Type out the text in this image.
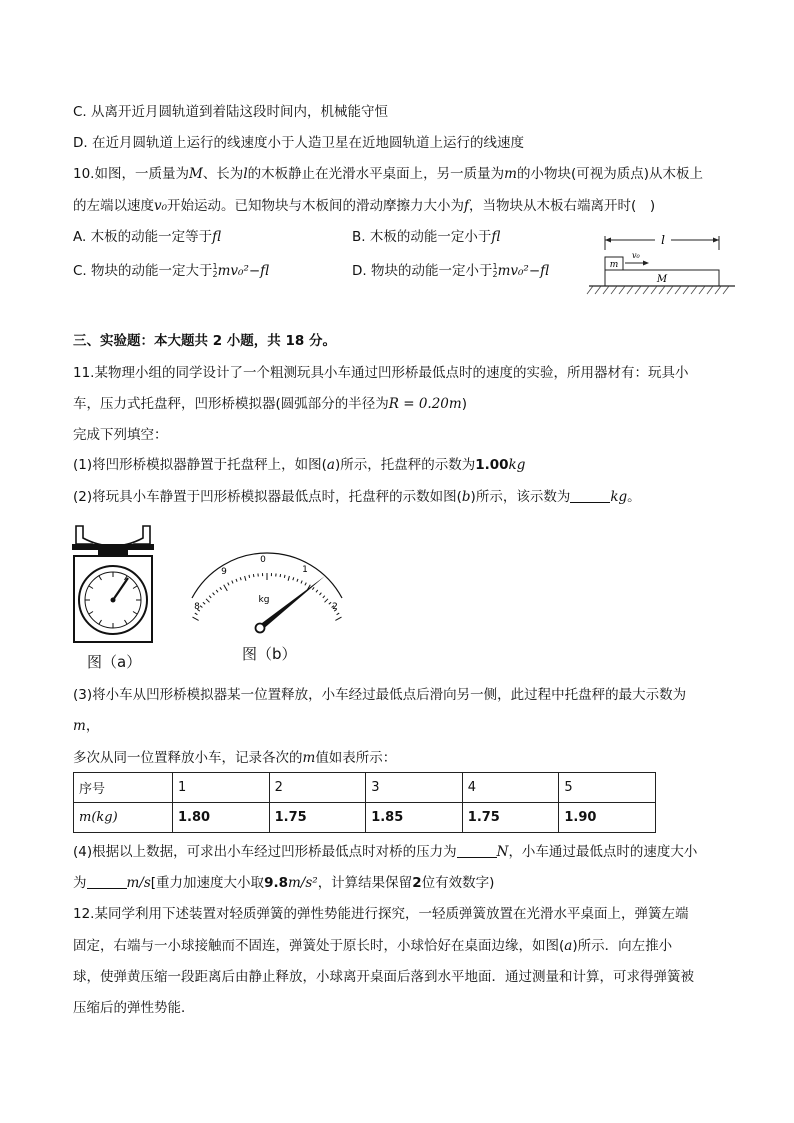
C. 从离开近月圆轨道到着陆这段时间内，机械能守恒
D. 在近月圆轨道上运行的线速度小于人造卫星在近地圆轨道上运行的线速度
10.如图，一质量为M、长为l的木板静止在光滑水平桌面上，另一质量为m的小物块(可视为质点)从木板上
的左端以速度v₀开始运动。已知物块与木板间的滑动摩擦力大小为f，当物块从木板右端离开时(　)
A. 木板的动能一定等于fl	B. 木板的动能一定小于fl
C. 物块的动能一定大于1
2mv₀²−fl	D. 物块的动能一定小于1
2mv₀²−fl
l
m
v₀
M
三、实验题：本大题共 2 小题，共 18 分。
11.某物理小组的同学设计了一个粗测玩具小车通过凹形桥最低点时的速度的实验，所用器材有：玩具小
车，压力式托盘秤，凹形桥模拟器(圆弧部分的半径为R = 0.20m)
完成下列填空：
(1)将凹形桥模拟器静置于托盘秤上，如图(a)所示，托盘秤的示数为1.00kg
(2)将玩具小车静置于凹形桥模拟器最低点时，托盘秤的示数如图(b)所示，该示数为	kg。
图（a）
0
1
2
9
8
kg
图（b）
(3)将小车从凹形桥模拟器某一位置释放，小车经过最低点后滑向另一侧，此过程中托盘秤的最大示数为
m，
多次从同一位置释放小车，记录各次的m值如表所示：
序号	1	2	3	4	5
m(kg)	1.80	1.75	1.85	1.75	1.90
(4)根据以上数据，可求出小车经过凹形桥最低点时对桥的压力为	N，小车通过最低点时的速度大小
为	m/s[重力加速度大小取9.8m/s²，计算结果保留2位有效数字)
12.某同学利用下述装置对轻质弹簧的弹性势能进行探究，一轻质弹簧放置在光滑水平桌面上，弹簧左端
固定，右端与一小球接触而不固连，弹簧处于原长时，小球恰好在桌面边缘，如图(a)所示．向左推小
球，使弹黄压缩一段距离后由静止释放，小球离开桌面后落到水平地面．通过测量和计算，可求得弹簧被
压缩后的弹性势能．
